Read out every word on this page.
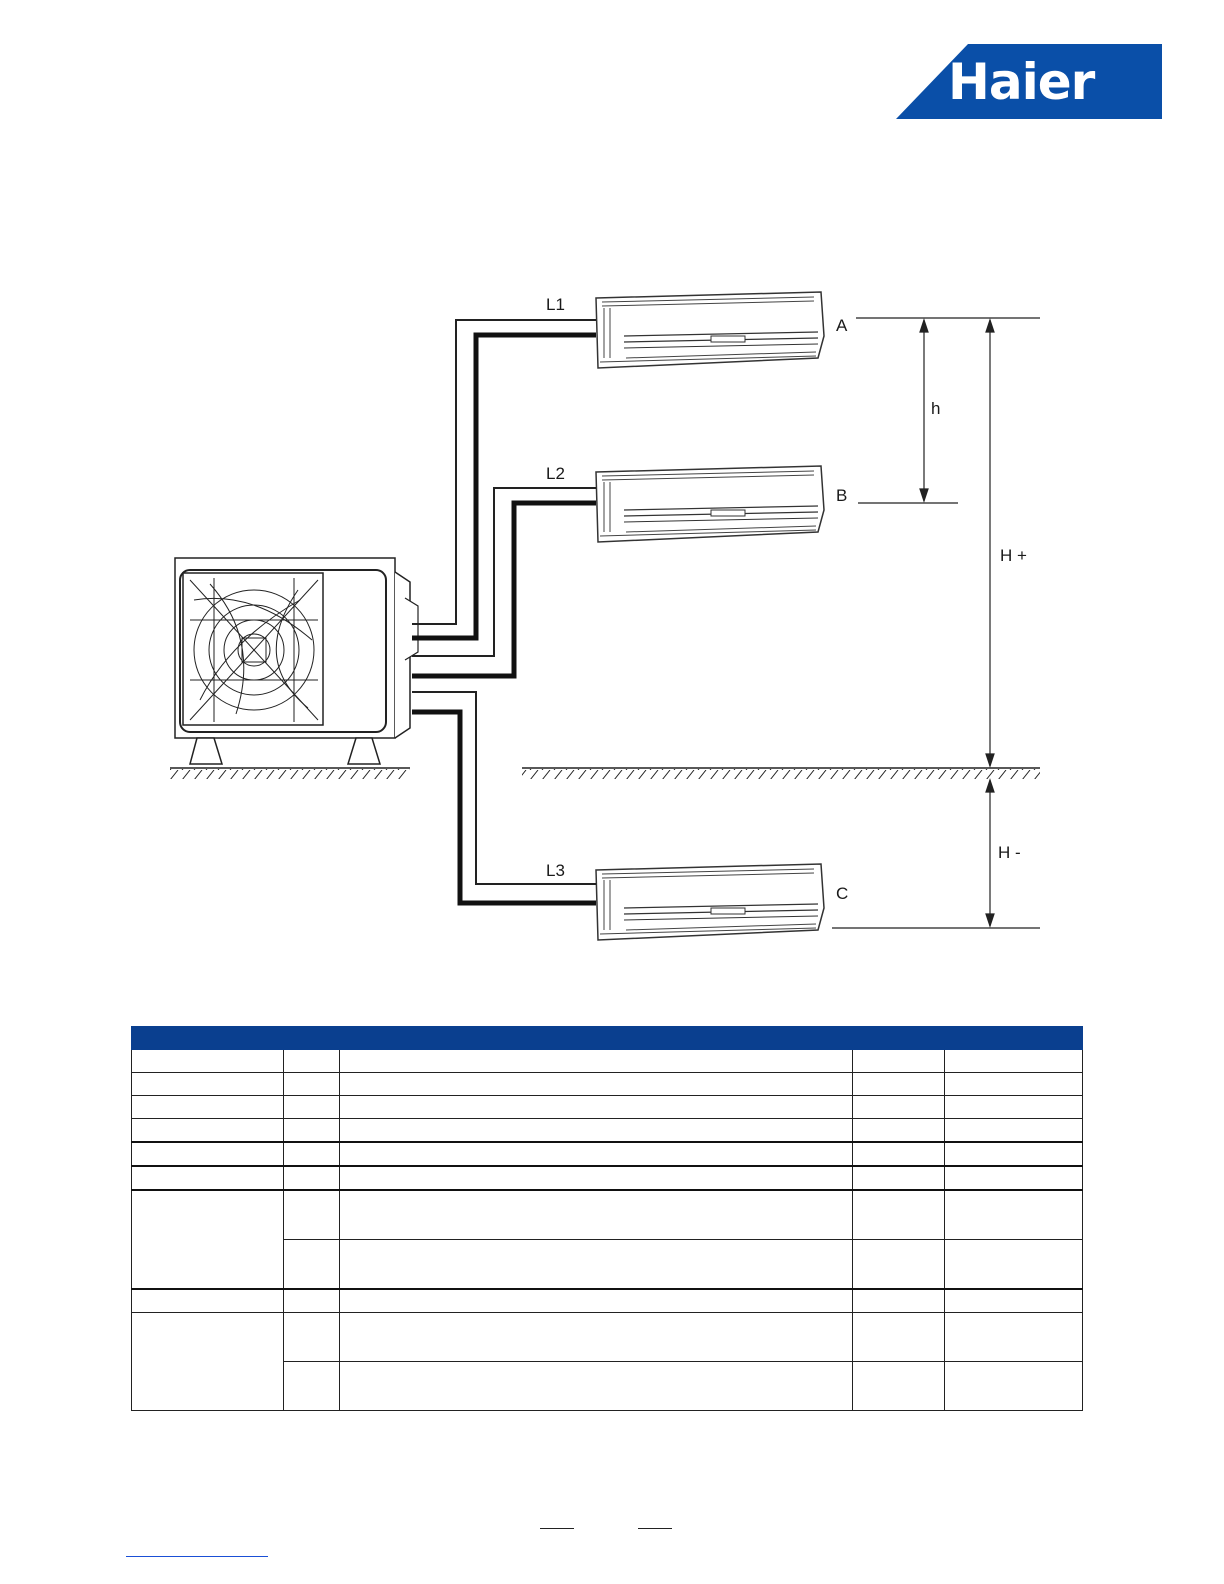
Haier
L1
L2
L3
A
B
C
h
H +
H -
